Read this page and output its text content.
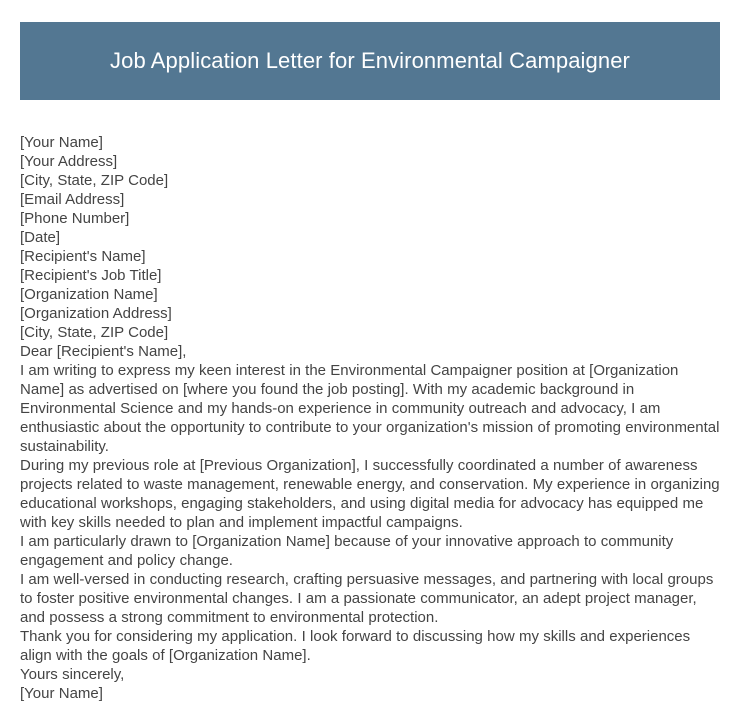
Job Application Letter for Environmental Campaigner
[Your Name]
[Your Address]
[City, State, ZIP Code]
[Email Address]
[Phone Number]
[Date]
[Recipient's Name]
[Recipient's Job Title]
[Organization Name]
[Organization Address]
[City, State, ZIP Code]
Dear [Recipient's Name],
I am writing to express my keen interest in the Environmental Campaigner position at [Organization Name] as advertised on [where you found the job posting]. With my academic background in Environmental Science and my hands-on experience in community outreach and advocacy, I am enthusiastic about the opportunity to contribute to your organization's mission of promoting environmental sustainability.
During my previous role at [Previous Organization], I successfully coordinated a number of awareness projects related to waste management, renewable energy, and conservation. My experience in organizing educational workshops, engaging stakeholders, and using digital media for advocacy has equipped me with key skills needed to plan and implement impactful campaigns.
I am particularly drawn to [Organization Name] because of your innovative approach to community engagement and policy change.
I am well-versed in conducting research, crafting persuasive messages, and partnering with local groups to foster positive environmental changes. I am a passionate communicator, an adept project manager, and possess a strong commitment to environmental protection.
Thank you for considering my application. I look forward to discussing how my skills and experiences align with the goals of [Organization Name].
Yours sincerely,
[Your Name]
